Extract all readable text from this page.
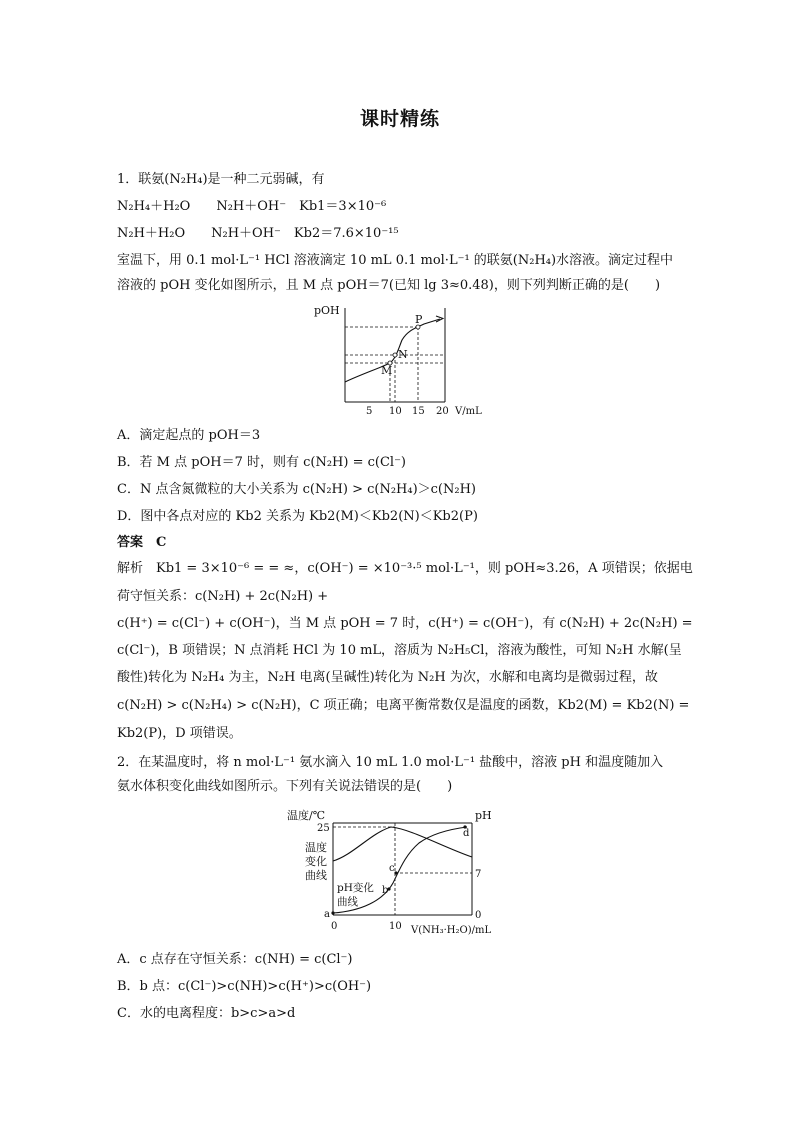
课时精练
1．联氨(N₂H₄)是一种二元弱碱，有
N₂H₄＋H₂O　　N₂H＋OH⁻　Kb1＝3×10⁻⁶
N₂H＋H₂O　　N₂H＋OH⁻　Kb2＝7.6×10⁻¹⁵
室温下，用 0.1 mol·L⁻¹ HCl 溶液滴定 10 mL 0.1 mol·L⁻¹ 的联氨(N₂H₄)水溶液。滴定过程中
溶液的 pOH 变化如图所示，且 M 点 pOH＝7(已知 lg 3≈0.48)，则下列判断正确的是(　　)
pOH
M
N
P
5 10 15 20 V/mL
A．滴定起点的 pOH＝3
B．若 M 点 pOH＝7 时，则有 c(N₂H) = c(Cl⁻)
C．N 点含氮微粒的大小关系为 c(N₂H) > c(N₂H₄)＞c(N₂H)
D．图中各点对应的 Kb2 关系为 Kb2(M)＜Kb2(N)＜Kb2(P)
答案　C
解析　Kb1 = 3×10⁻⁶ = = ≈，c(OH⁻) = ×10⁻³·⁵ mol·L⁻¹，则 pOH≈3.26，A 项错误；依据电
荷守恒关系：c(N₂H) + 2c(N₂H) +
c(H⁺) = c(Cl⁻) + c(OH⁻)，当 M 点 pOH = 7 时，c(H⁺) = c(OH⁻)，有 c(N₂H) + 2c(N₂H) =
c(Cl⁻)，B 项错误；N 点消耗 HCl 为 10 mL，溶质为 N₂H₅Cl，溶液为酸性，可知 N₂H 水解(呈
酸性)转化为 N₂H₄ 为主，N₂H 电离(呈碱性)转化为 N₂H 为次，水解和电离均是微弱过程，故
c(N₂H) > c(N₂H₄) > c(N₂H)，C 项正确；电离平衡常数仅是温度的函数，Kb2(M) = Kb2(N) =
Kb2(P)，D 项错误。
2．在某温度时，将 n mol·L⁻¹ 氨水滴入 10 mL 1.0 mol·L⁻¹ 盐酸中，溶液 pH 和温度随加入
氨水体积变化曲线如图所示。下列有关说法错误的是(　　)
温度/℃	pH
25
7
0
0	10 V(NH₃·H₂O)/mL
温度
变化
曲线
pH变化
曲线
a
b
c
d
A．c 点存在守恒关系：c(NH) = c(Cl⁻)
B．b 点：c(Cl⁻)>c(NH)>c(H⁺)>c(OH⁻)
C．水的电离程度：b>c>a>d
